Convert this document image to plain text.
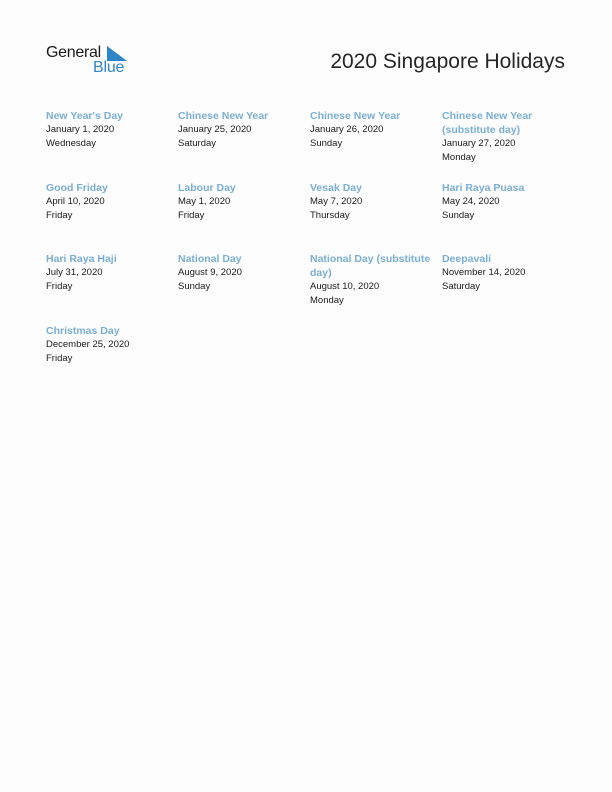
General
Blue	2020 Singapore Holidays
New Year's Day
January 1, 2020
Wednesday
Chinese New Year
January 25, 2020
Saturday
Chinese New Year
January 26, 2020
Sunday
Chinese New Year (substitute day)
January 27, 2020
Monday
Good Friday
April 10, 2020
Friday
Labour Day
May 1, 2020
Friday
Vesak Day
May 7, 2020
Thursday
Hari Raya Puasa
May 24, 2020
Sunday
Hari Raya Haji
July 31, 2020
Friday
National Day
August 9, 2020
Sunday
National Day (substitute day)
August 10, 2020
Monday
Deepavali
November 14, 2020
Saturday
Christmas Day
December 25, 2020
Friday
